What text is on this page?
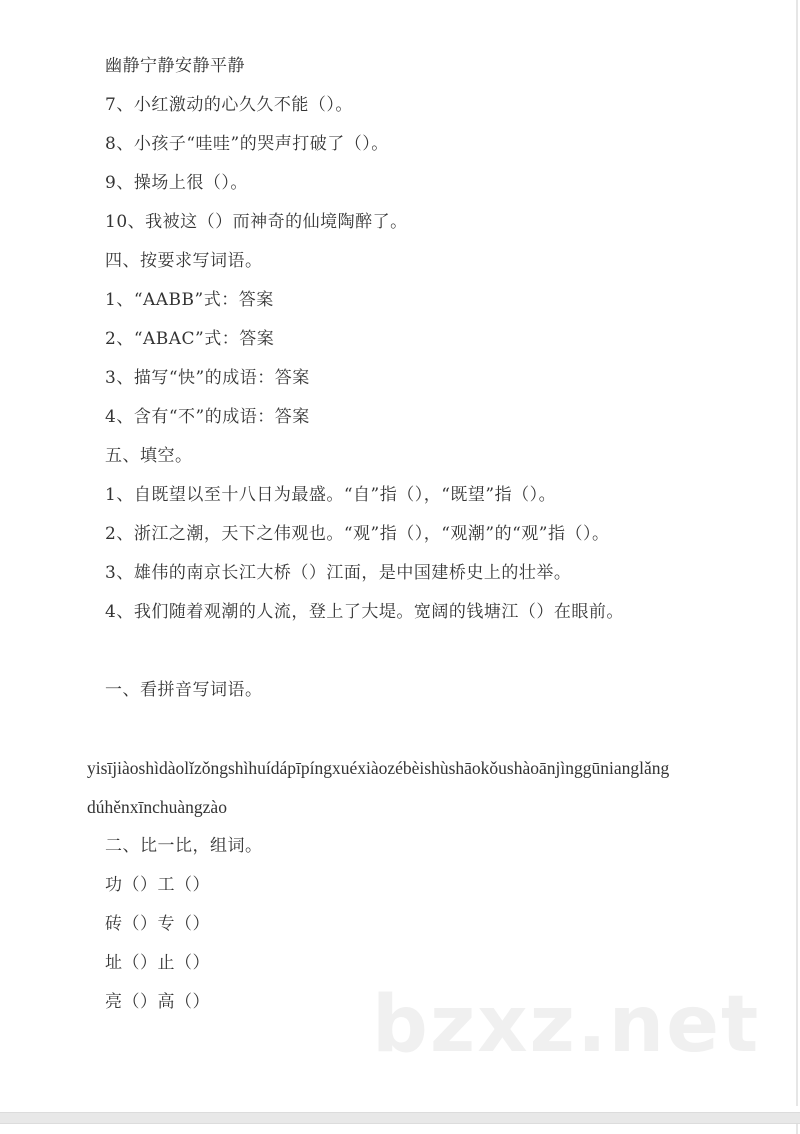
幽静宁静安静平静
7、小红激动的心久久不能（）。
8、小孩子“哇哇”的哭声打破了（）。
9、操场上很（）。
10、我被这（）而神奇的仙境陶醉了。
四、按要求写词语。
1、“AABB”式：答案
2、“ABAC”式：答案
3、描写“快”的成语：答案
4、含有“不”的成语：答案
五、填空。
1、自既望以至十八日为最盛。“自”指（），“既望”指（）。
2、浙江之潮，天下之伟观也。“观”指（），“观潮”的“观”指（）。
3、雄伟的南京长江大桥（）江面，是中国建桥史上的壮举。
4、我们随着观潮的人流，登上了大堤。宽阔的钱塘江（）在眼前。
一、看拼音写词语。
yisījiàoshìdàolǐzǒngshìhuídápīpíngxuéxiàozébèishùshāokǒushàoānjìnggūnianglǎng
dúhěnxīnchuàngzào
二、比一比，组词。
功（）工（）
砖（）专（）
址（）止（）
亮（）高（） bzxz.net
